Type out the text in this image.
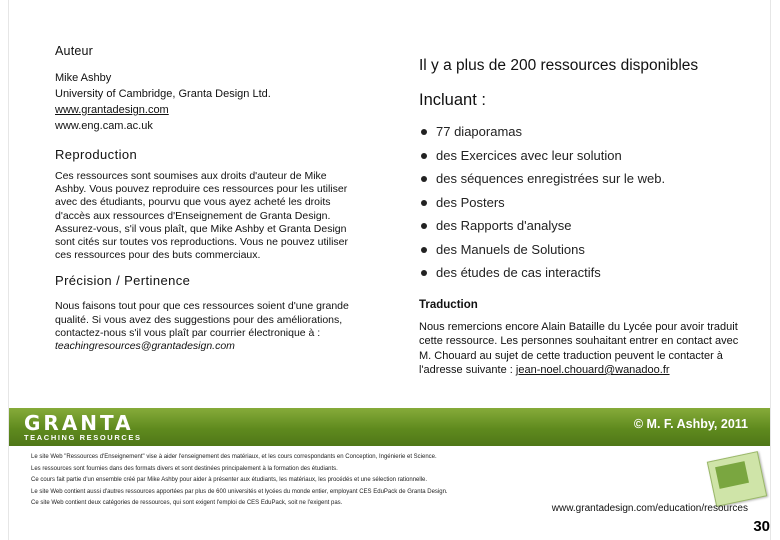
Auteur
Mike Ashby
University of Cambridge, Granta Design Ltd.
www.grantadesign.com
www.eng.cam.ac.uk
Reproduction
Ces ressources sont soumises aux droits d'auteur de Mike Ashby. Vous pouvez reproduire ces ressources pour les utiliser avec des étudiants, pourvu que vous ayez acheté les droits d'accès aux ressources d'Enseignement de Granta Design. Assurez-vous, s'il vous plaît, que Mike Ashby et Granta Design sont cités sur toutes vos reproductions. Vous ne pouvez utiliser ces ressources pour des buts commerciaux.
Précision / Pertinence
Nous faisons tout pour que ces ressources soient d'une grande qualité. Si vous avez des suggestions pour des améliorations, contactez-nous s'il vous plaît par courrier électronique à :
teachingresources@grantadesign.com
Il y a plus de 200 ressources disponibles
Incluant :
77 diaporamas
des Exercices avec leur solution
des séquences enregistrées sur le web.
des Posters
des Rapports d'analyse
des Manuels de Solutions
des études de cas interactifs
Traduction
Nous remercions encore Alain Bataille du Lycée pour avoir traduit cette ressource. Les personnes souhaitant entrer en contact avec M. Chouard au sujet de cette traduction peuvent le contacter à l'adresse suivante : jean-noel.chouard@wanadoo.fr
GRANTA
TEACHING RESOURCES
© M. F. Ashby, 2011
Le site Web "Ressources d'Enseignement" vise à aider l'enseignement des matériaux, et les cours correspondants en Conception, Ingénierie et Science.
Les ressources sont fournies dans des formats divers et sont destinées principalement à la formation des étudiants.
Ce cours fait partie d'un ensemble créé par Mike Ashby pour aider à présenter aux étudiants, les matériaux, les procédés et une sélection rationnelle.
Le site Web contient aussi d'autres ressources apportées par plus de 600 universités et lycées du monde entier, employant CES EduPack de Granta Design.
Ce site Web contient deux catégories de ressources, qui sont exigent l'emploi de CES EduPack, soit ne l'exigent pas.	www.grantadesign.com/education/resources
30
